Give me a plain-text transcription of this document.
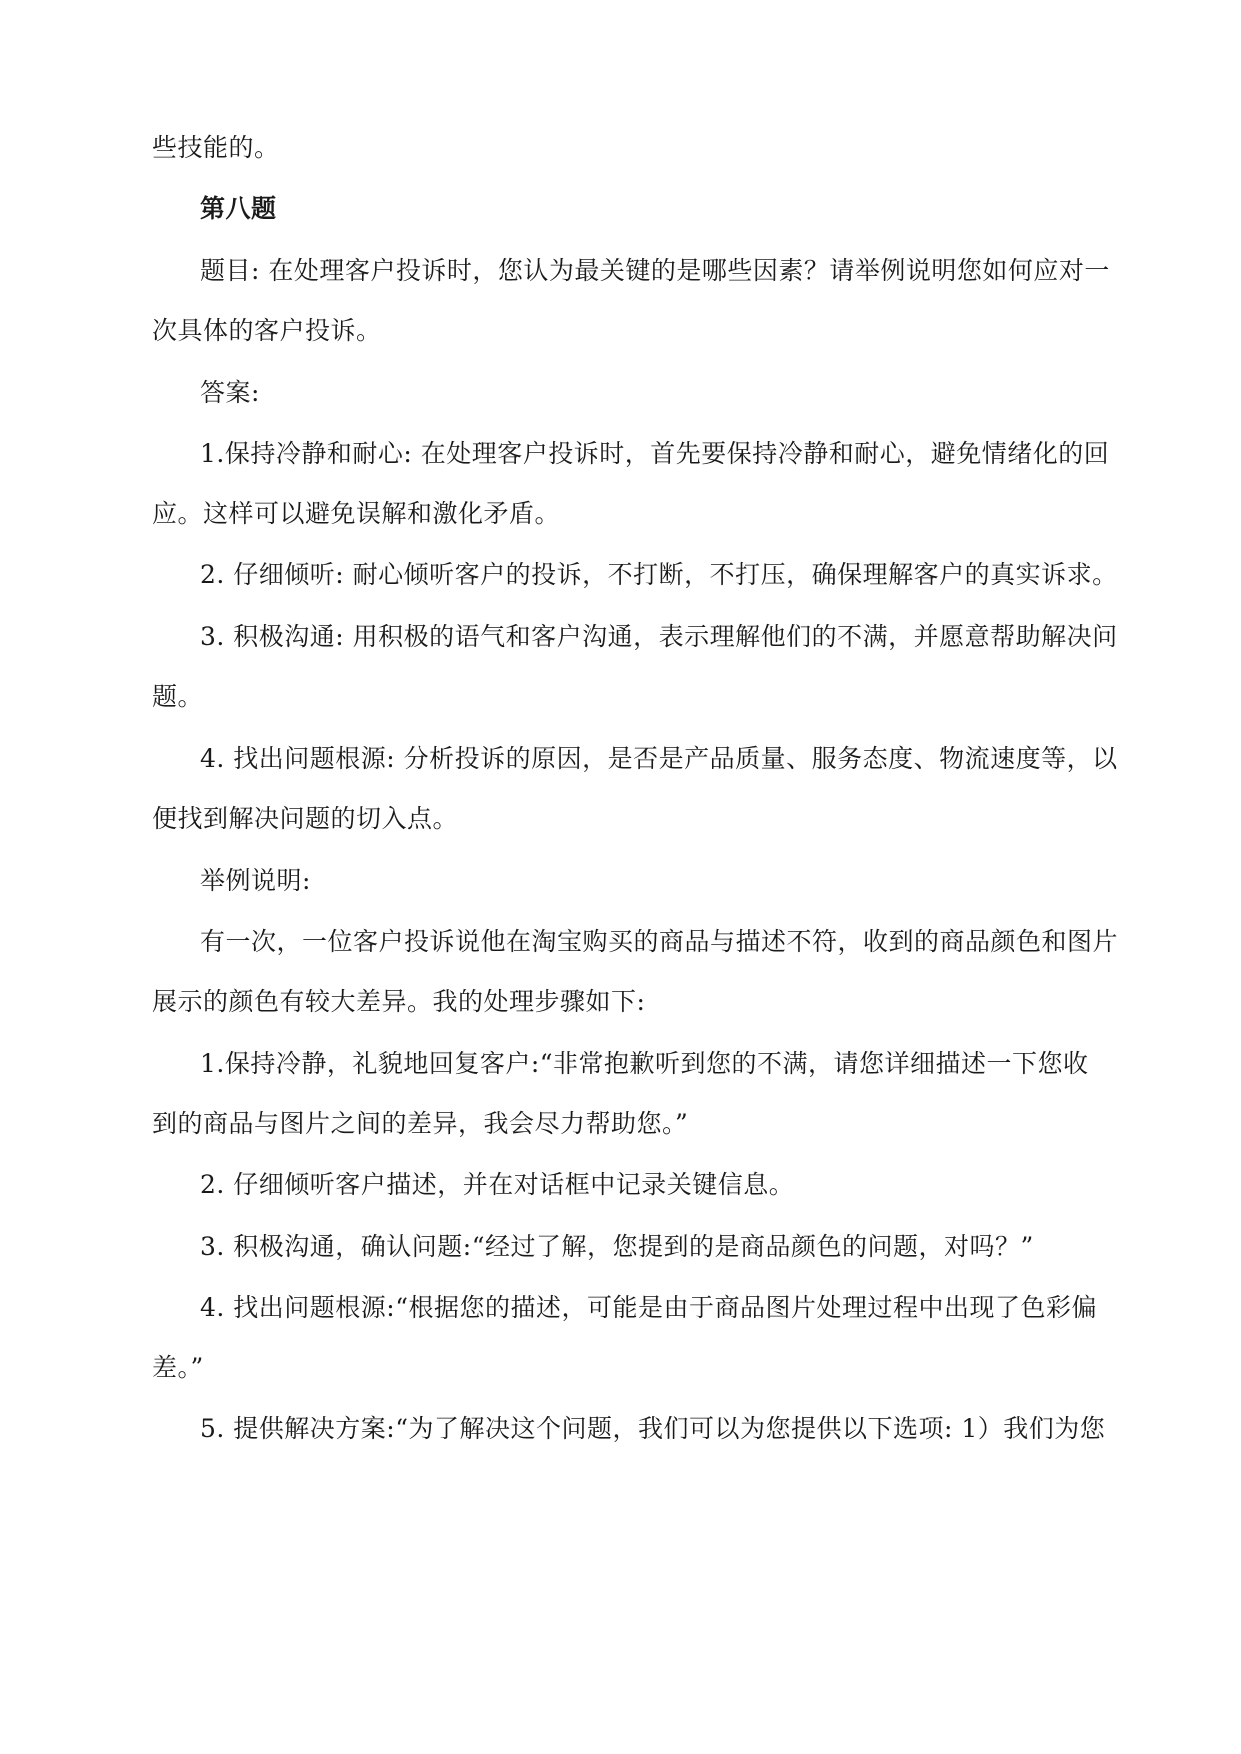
些技能的。
第八题
题目: 在处理客户投诉时，您认为最关键的是哪些因素？请举例说明您如何应对一
次具体的客户投诉。
答案:
1.保持冷静和耐心: 在处理客户投诉时，首先要保持冷静和耐心，避免情绪化的回
应。这样可以避免误解和激化矛盾。
2. 仔细倾听: 耐心倾听客户的投诉，不打断，不打压，确保理解客户的真实诉求。
3. 积极沟通: 用积极的语气和客户沟通，表示理解他们的不满，并愿意帮助解决问
题。
4. 找出问题根源: 分析投诉的原因，是否是产品质量、服务态度、物流速度等，以
便找到解决问题的切入点。
举例说明:
有一次，一位客户投诉说他在淘宝购买的商品与描述不符，收到的商品颜色和图片
展示的颜色有较大差异。我的处理步骤如下:
1.保持冷静，礼貌地回复客户:“非常抱歉听到您的不满，请您详细描述一下您收
到的商品与图片之间的差异，我会尽力帮助您。”
2. 仔细倾听客户描述，并在对话框中记录关键信息。
3. 积极沟通，确认问题:“经过了解，您提到的是商品颜色的问题，对吗？”
4. 找出问题根源:“根据您的描述，可能是由于商品图片处理过程中出现了色彩偏
差。”
5. 提供解决方案:“为了解决这个问题，我们可以为您提供以下选项: 1）我们为您
